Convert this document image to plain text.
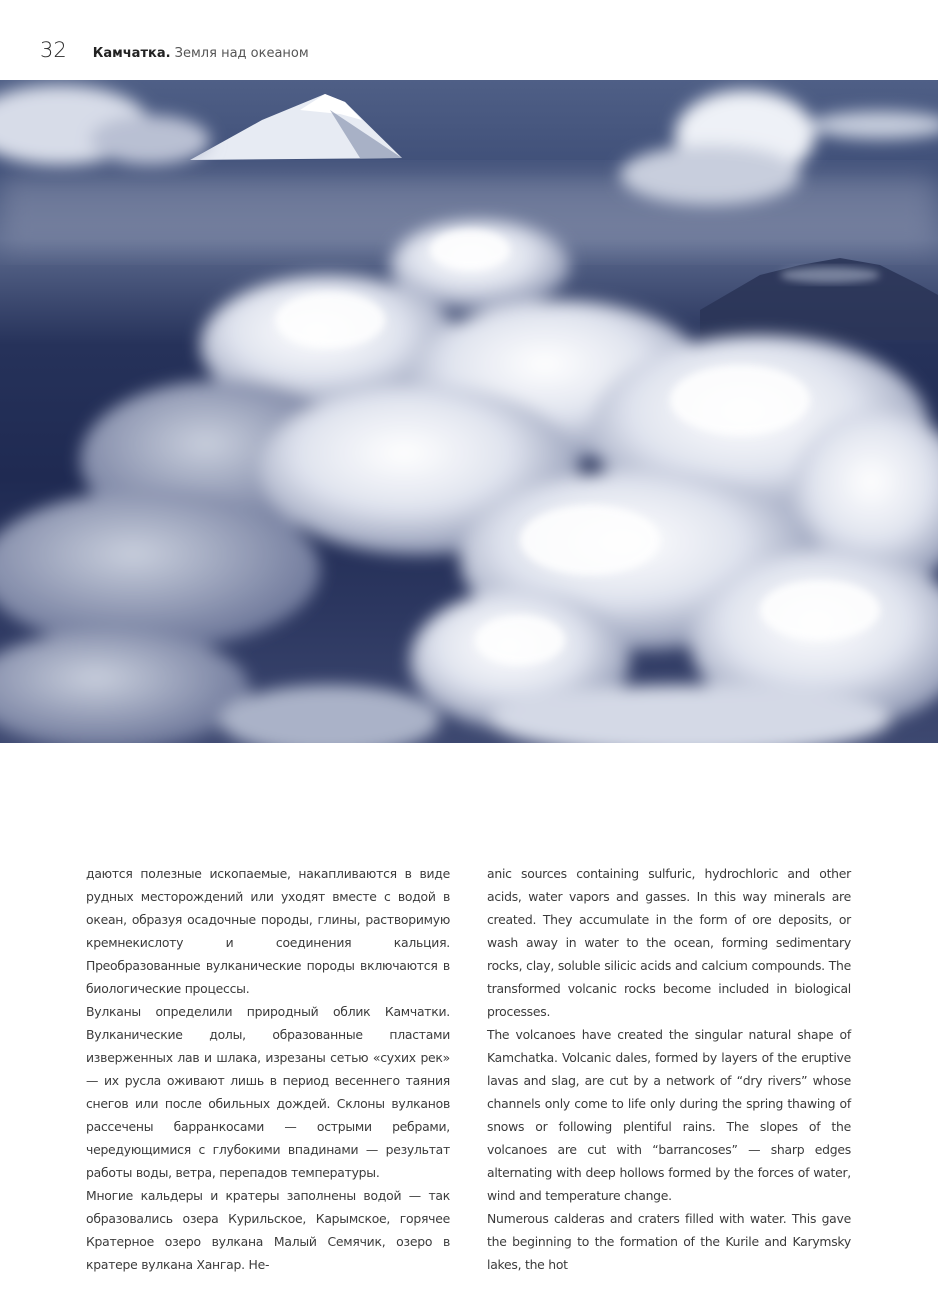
32 Камчатка. Земля над океаном

даются полезные ископаемые, накапливаются в виде рудных месторождений или уходят вместе с водой в океан, образуя осадочные породы, глины, растворимую кремнекислоту и соединения кальция. Преобразованные вулканические породы включаются в биологические процессы.

Вулканы определили природный облик Камчатки. Вулканические долы, образованные пластами изверженных лав и шлака, изрезаны сетью «сухих рек» — их русла оживают лишь в период весеннего таяния снегов или после обильных дождей. Склоны вулканов рассечены барранкосами — острыми ребрами, чередующимися с глубокими впадинами — результат работы воды, ветра, перепадов температуры.

Многие кальдеры и кратеры заполнены водой — так образовались озера Курильское, Карымское, горячее Кратерное озеро вулкана Малый Семячик, озеро в кратере вулкана Хангар. Не-

anic sources containing sulfuric, hydrochloric and other acids, water vapors and gasses. In this way minerals are created. They accumulate in the form of ore deposits, or wash away in water to the ocean, forming sedimentary rocks, clay, soluble silicic acids and calcium compounds. The transformed volcanic rocks become included in biological processes.

The volcanoes have created the singular natural shape of Kamchatka. Volcanic dales, formed by layers of the eruptive lavas and slag, are cut by a network of “dry rivers” whose channels only come to life only during the spring thawing of snows or following plentiful rains. The slopes of the volcanoes are cut with “barrancoses” — sharp edges alternating with deep hollows formed by the forces of water, wind and temperature change.

Numerous calderas and craters filled with water. This gave the beginning to the formation of the Kurile and Karymsky lakes, the hot
